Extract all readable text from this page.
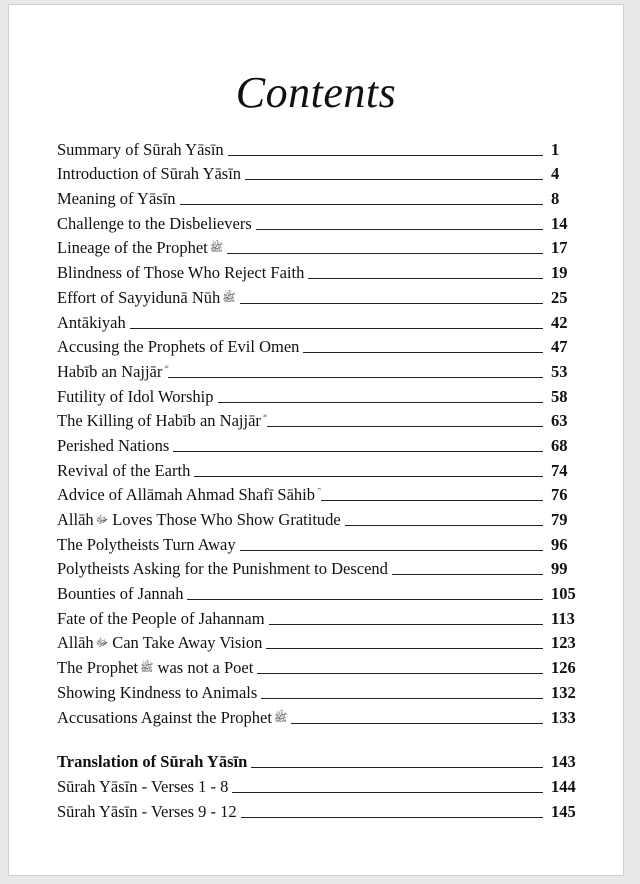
Contents
Summary of Sūrah Yāsīn	1
Introduction of Sūrah Yāsīn	4
Meaning of Yāsīn	8
Challenge to the Disbelievers	14
Lineage of the Prophet ﷺ	17
Blindness of Those Who Reject Faith	19
Effort of Sayyidunā Nūh ﷺ	25
Antākiyah	42
Accusing the Prophets of Evil Omen	47
Habīb an Najjār	53
Futility of Idol Worship	58
The Killing of Habīb an Najjār	63
Perished Nations	68
Revival of the Earth	74
Advice of Allāmah Ahmad Shafī Sāhib	76
Allāh ﷻ Loves Those Who Show Gratitude	79
The Polytheists Turn Away	96
Polytheists Asking for the Punishment to Descend	99
Bounties of Jannah	105
Fate of the People of Jahannam	113
Allāh ﷻ Can Take Away Vision	123
The Prophet ﷺ was not a Poet	126
Showing Kindness to Animals	132
Accusations Against the Prophet ﷺ	133
Translation of Sūrah Yāsīn	143
Sūrah Yāsīn - Verses 1 - 8	144
Sūrah Yāsīn - Verses 9 - 12	145
